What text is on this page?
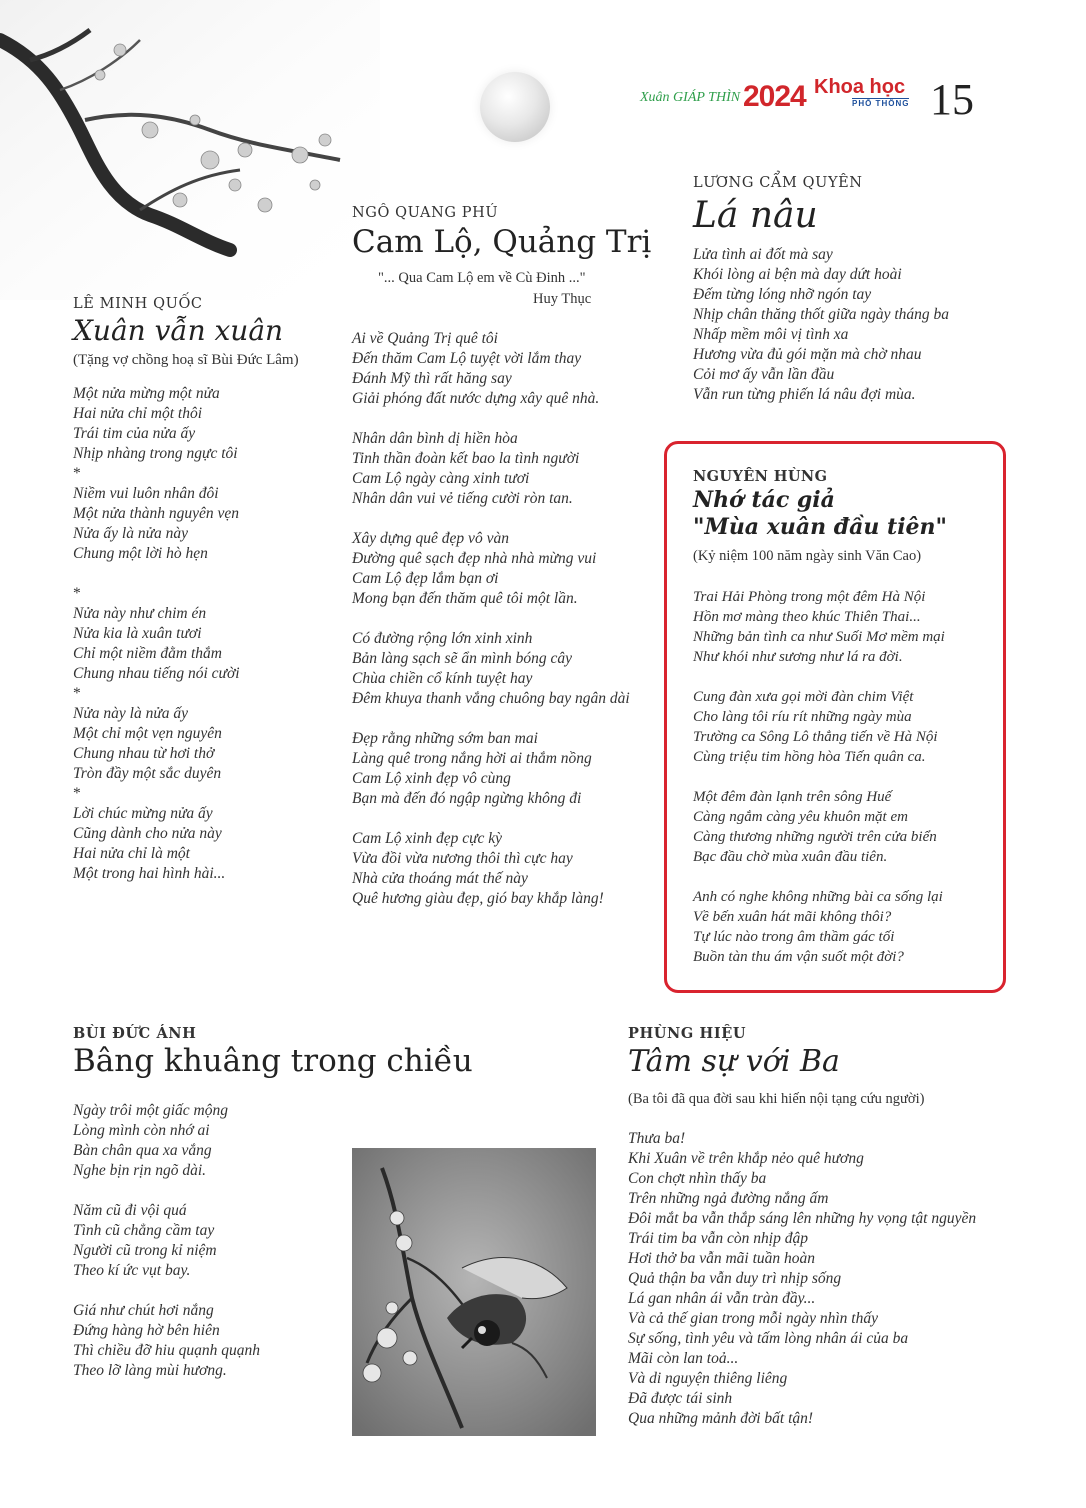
Xuân GIÁP THÌN 2024 Khoa học
PHỔ THÔNG 15
LÊ MINH QUỐC
Xuân vẫn xuân
(Tặng vợ chồng hoạ sĩ Bùi Đức Lâm)
Một nửa mừng một nửa
Hai nửa chỉ một thôi
Trái tim của nửa ấy
Nhịp nhàng trong ngực tôi
*
Niềm vui luôn nhân đôi
Một nửa thành nguyên vẹn
Nửa ấy là nửa này
Chung một lời hò hẹn
*
Nửa này như chim én
Nửa kia là xuân tươi
Chỉ một niềm đằm thắm
Chung nhau tiếng nói cười
*
Nửa này là nửa ấy
Một chỉ một vẹn nguyên
Chung nhau từ hơi thở
Tròn đầy một sắc duyên
*
Lời chúc mừng nửa ấy
Cũng dành cho nửa này
Hai nửa chỉ là một
Một trong hai hình hài...
NGÔ QUANG PHÚ
Cam Lộ, Quảng Trị
"... Qua Cam Lộ em về Cù Đinh ..."
Huy Thục
Ai về Quảng Trị quê tôi
Đến thăm Cam Lộ tuyệt vời lắm thay
Đánh Mỹ thì rất hăng say
Giải phóng đất nước dựng xây quê nhà.
Nhân dân bình dị hiền hòa
Tinh thần đoàn kết bao la tình người
Cam Lộ ngày càng xinh tươi
Nhân dân vui vẻ tiếng cười ròn tan.
Xây dựng quê đẹp vô vàn
Đường quê sạch đẹp nhà nhà mừng vui
Cam Lộ đẹp lắm bạn ơi
Mong bạn đến thăm quê tôi một lần.
Có đường rộng lớn xinh xinh
Bản làng sạch sẽ ẩn mình bóng cây
Chùa chiền cổ kính tuyệt hay
Đêm khuya thanh vắng chuông bay ngân dài
Đẹp rằng những sớm ban mai
Làng quê trong nắng hời ai thắm nồng
Cam Lộ xinh đẹp vô cùng
Bạn mà đến đó ngập ngừng không đi
Cam Lộ xinh đẹp cực kỳ
Vừa đồi vừa nương thôi thì cực hay
Nhà cửa thoáng mát thế này
Quê hương giàu đẹp, gió bay khắp làng!
LƯƠNG CẨM QUYÊN
Lá nâu
Lửa tình ai đốt mà say
Khói lòng ai bện mà day dứt hoài
Đếm từng lóng nhỡ ngón tay
Nhịp chân thăng thốt giữa ngày tháng ba
Nhấp mềm môi vị tình xa
Hương vừa đủ gói mặn mà chờ nhau
Cỏi mơ ấy vẫn lần đầu
Vẫn run từng phiến lá nâu đợi mùa.
NGUYÊN HÙNG
Nhớ tác giả
"Mùa xuân đầu tiên"
(Kỷ niệm 100 năm ngày sinh Văn Cao)
Trai Hải Phòng trong một đêm Hà Nội
Hồn mơ màng theo khúc Thiên Thai...
Những bản tình ca như Suối Mơ mềm mại
Như khói như sương như lá ra đời.
Cung đàn xưa gọi mời đàn chim Việt
Cho làng tôi ríu rít những ngày mùa
Trường ca Sông Lô thẳng tiến về Hà Nội
Cùng triệu tim hồng hòa Tiến quân ca.
Một đêm đàn lạnh trên sông Huế
Càng ngắm càng yêu khuôn mặt em
Càng thương những người trên cửa biển
Bạc đầu chờ mùa xuân đầu tiên.
Anh có nghe không những bài ca sống lại
Về bến xuân hát mãi không thôi?
Tự lúc nào trong âm thầm gác tối
Buồn tàn thu ám vận suốt một đời?
BÙI ĐỨC ÁNH
Bâng khuâng trong chiều
Ngày trôi một giấc mộng
Lòng mình còn nhớ ai
Bàn chân qua xa vắng
Nghe bịn rịn ngõ dài.
Năm cũ đi vội quá
Tình cũ chẳng cầm tay
Người cũ trong kỉ niệm
Theo kí ức vụt bay.
Giá như chút hơi nắng
Đứng hàng hờ bên hiên
Thì chiều đỡ hiu quạnh quạnh
Theo lỡ làng mùi hương.
PHÙNG HIỆU
Tâm sự với Ba
(Ba tôi đã qua đời sau khi hiến nội tạng cứu người)
Thưa ba!
Khi Xuân về trên khắp nẻo quê hương
Con chợt nhìn thấy ba
Trên những ngả đường nắng ấm
Đôi mắt ba vẫn thắp sáng lên những hy vọng tật nguyền
Trái tim ba vẫn còn nhịp đập
Hơi thở ba vẫn mãi tuần hoàn
Quả thận ba vẫn duy trì nhịp sống
Lá gan nhân ái vẫn tràn đầy...
Và cả thế gian trong mỗi ngày nhìn thấy
Sự sống, tình yêu và tấm lòng nhân ái của ba
Mãi còn lan toả...
Và di nguyện thiêng liêng
Đã được tái sinh
Qua những mảnh đời bất tận!
